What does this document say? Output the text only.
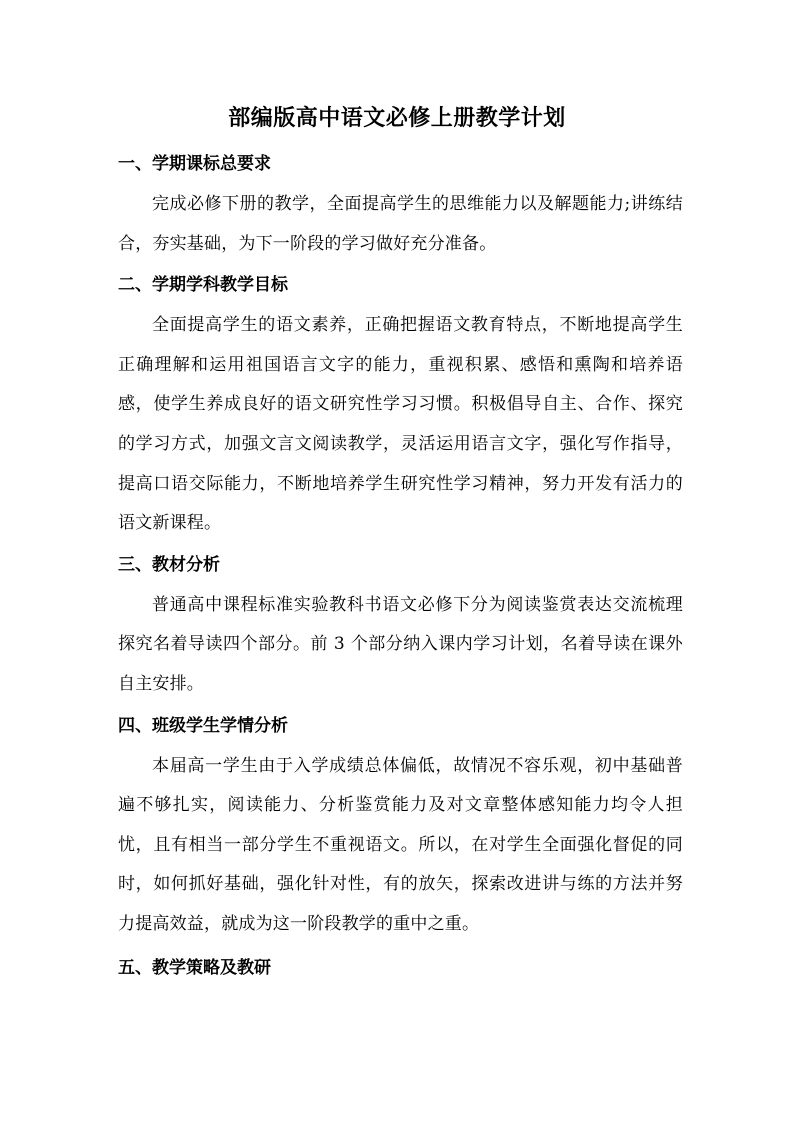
部编版高中语文必修上册教学计划
一、学期课标总要求

完成必修下册的教学，全面提高学生的思维能力以及解题能力;讲练结合，夯实基础，为下一阶段的学习做好充分准备。

二、学期学科教学目标

全面提高学生的语文素养，正确把握语文教育特点，不断地提高学生正确理解和运用祖国语言文字的能力，重视积累、感悟和熏陶和培养语感，使学生养成良好的语文研究性学习习惯。积极倡导自主、合作、探究的学习方式，加强文言文阅读教学，灵活运用语言文字，强化写作指导，提高口语交际能力，不断地培养学生研究性学习精神，努力开发有活力的语文新课程。

三、教材分析

普通高中课程标准实验教科书语文必修下分为阅读鉴赏表达交流梳理探究名着导读四个部分。前 3 个部分纳入课内学习计划，名着导读在课外自主安排。

四、班级学生学情分析

本届高一学生由于入学成绩总体偏低，故情况不容乐观，初中基础普遍不够扎实，阅读能力、分析鉴赏能力及对文章整体感知能力均令人担忧，且有相当一部分学生不重视语文。所以，在对学生全面强化督促的同时，如何抓好基础，强化针对性，有的放矢，探索改进讲与练的方法并努力提高效益，就成为这一阶段教学的重中之重。

五、教学策略及教研
